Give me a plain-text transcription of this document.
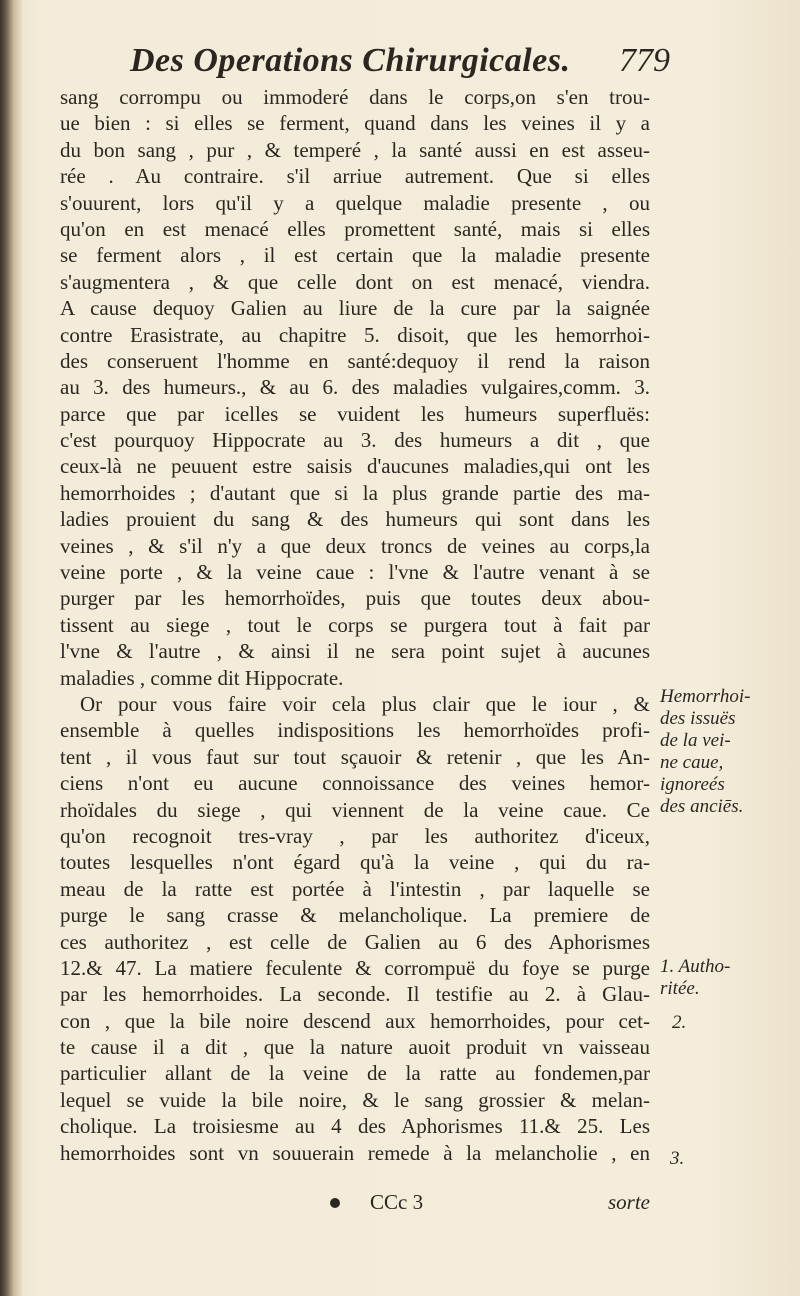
Des Operations Chirurgicales. 779
sang corrompu ou immoderé dans le corps,on s'en trou-
ue bien : si elles se ferment, quand dans les veines il y a
du bon sang , pur , & temperé , la santé aussi en est asseu-
rée . Au contraire. s'il arriue autrement. Que si elles
s'ouurent, lors qu'il y a quelque maladie presente , ou
qu'on en est menacé elles promettent santé, mais si elles
se ferment alors , il est certain que la maladie presente
s'augmentera , & que celle dont on est menacé, viendra.
A cause dequoy Galien au liure de la cure par la saignée
contre Erasistrate, au chapitre 5. disoit, que les hemorrhoi-
des conseruent l'homme en santé:dequoy il rend la raison
au 3. des humeurs., & au 6. des maladies vulgaires,comm. 3.
parce que par icelles se vuident les humeurs superfluës:
c'est pourquoy Hippocrate au 3. des humeurs a dit , que
ceux-là ne peuuent estre saisis d'aucunes maladies,qui ont les
hemorrhoides ; d'autant que si la plus grande partie des ma-
ladies prouient du sang & des humeurs qui sont dans les
veines , & s'il n'y a que deux troncs de veines au corps,la
veine porte , & la veine caue : l'vne & l'autre venant à se
purger par les hemorrhoïdes, puis que toutes deux abou-
tissent au siege , tout le corps se purgera tout à fait par
l'vne & l'autre , & ainsi il ne sera point sujet à aucunes
maladies , comme dit Hippocrate.
Or pour vous faire voir cela plus clair que le iour , &
ensemble à quelles indispositions les hemorrhoïdes profi-
tent , il vous faut sur tout sçauoir & retenir , que les An-
ciens n'ont eu aucune connoissance des veines hemor-
rhoïdales du siege , qui viennent de la veine caue. Ce
qu'on recognoit tres-vray , par les authoritez d'iceux,
toutes lesquelles n'ont égard qu'à la veine , qui du ra-
meau de la ratte est portée à l'intestin , par laquelle se
purge le sang crasse & melancholique. La premiere de
ces authoritez , est celle de Galien au 6 des Aphorismes
12.& 47. La matiere feculente & corrompuë du foye se purge
par les hemorrhoides. La seconde. Il testifie au 2. à Glau-
con , que la bile noire descend aux hemorrhoides, pour cet-
te cause il a dit , que la nature auoit produit vn vaisseau
particulier allant de la veine de la ratte au fondemen,par
lequel se vuide la bile noire, & le sang grossier & melan-
cholique. La troisiesme au 4 des Aphorismes 11.& 25. Les
hemorrhoides sont vn souuerain remede à la melancholie , en
Hemorrhoi-
des issuës
de la vei-
ne caue,
ignoreés
des anciēs.
1. Autho-
ritée.
2.
3.
CCc 3	sorte
